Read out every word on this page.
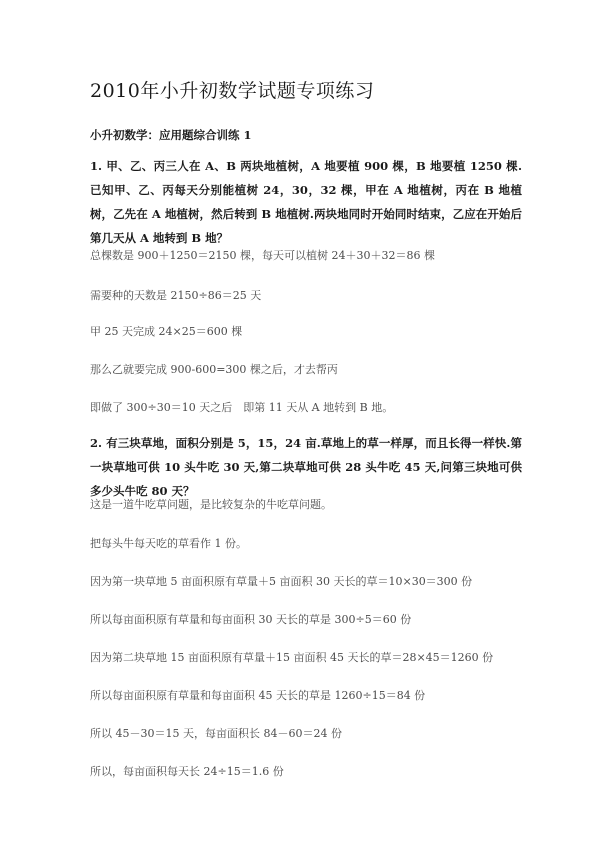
2010年小升初数学试题专项练习
小升初数学：应用题综合训练 1
1. 甲、乙、丙三人在 A、B 两块地植树，A 地要植 900 棵，B 地要植 1250 棵.已知甲、乙、丙每天分别能植树 24，30，32 棵，甲在 A 地植树，丙在 B 地植树，乙先在 A 地植树，然后转到 B 地植树.两块地同时开始同时结束，乙应在开始后第几天从 A 地转到 B 地？
总棵数是 900＋1250＝2150 棵，每天可以植树 24＋30＋32＝86 棵
需要种的天数是 2150÷86＝25 天
甲 25 天完成 24×25＝600 棵
那么乙就要完成 900-600=300 棵之后，才去帮丙
即做了 300÷30＝10 天之后　即第 11 天从 A 地转到 B 地。
2. 有三块草地，面积分别是 5，15，24 亩.草地上的草一样厚，而且长得一样快.第一块草地可供 10 头牛吃 30 天,第二块草地可供 28 头牛吃 45 天,问第三块地可供多少头牛吃 80 天？
这是一道牛吃草问题，是比较复杂的牛吃草问题。
把每头牛每天吃的草看作 1 份。
因为第一块草地 5 亩面积原有草量＋5 亩面积 30 天长的草＝10×30＝300 份
所以每亩面积原有草量和每亩面积 30 天长的草是 300÷5＝60 份
因为第二块草地 15 亩面积原有草量＋15 亩面积 45 天长的草＝28×45＝1260 份
所以每亩面积原有草量和每亩面积 45 天长的草是 1260÷15＝84 份
所以 45－30＝15 天，每亩面积长 84－60＝24 份
所以，每亩面积每天长 24÷15＝1.6 份
